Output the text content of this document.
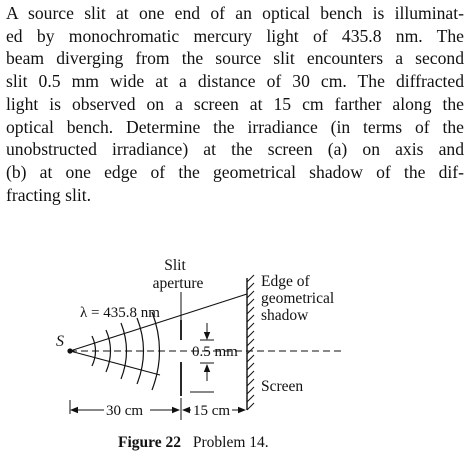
A source slit at one end of an optical bench is illuminat-
ed by monochromatic mercury light of 435.8 nm. The
beam diverging from the source slit encounters a second
slit 0.5 mm wide at a distance of 30 cm. The diffracted
light is observed on a screen at 15 cm farther along the
optical bench. Determine the irradiance (in terms of the
unobstructed irradiance) at the screen (a) on axis and
(b) at one edge of the geometrical shadow of the dif-
fracting slit.
Slit
aperture
λ = 435.8 nm
S
0.5 mm
Edge of
geometrical
shadow
Screen
30 cm	15 cm
Figure 22 Problem 14.
